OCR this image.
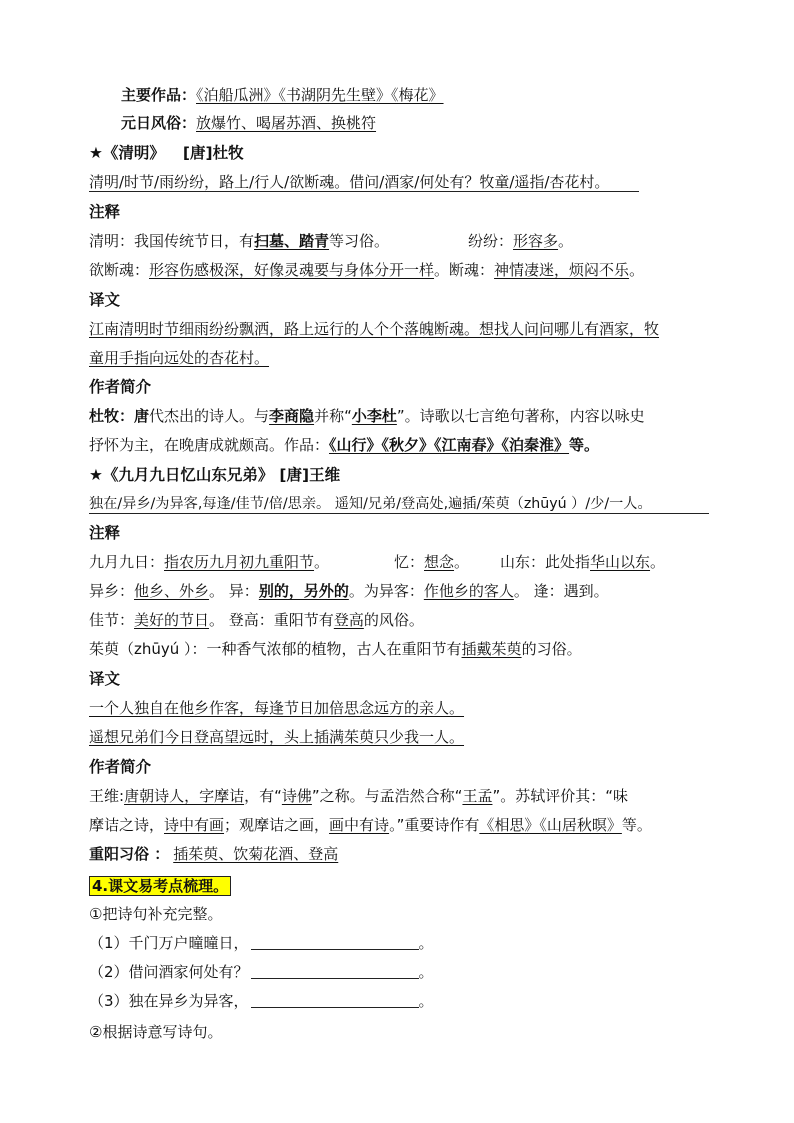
主要作品：《泊船瓜洲》《书湖阴先生壁》《梅花》
元日风俗：放爆竹、喝屠苏酒、换桃符
★《清明》 [唐]杜牧
清明/时节/雨纷纷，路上/行人/欲断魂。借问/酒家/何处有？牧童/遥指/杏花村。
注释
清明：我国传统节日，有扫墓、踏青等习俗。	纷纷：形容多。
欲断魂：形容伤感极深，好像灵魂要与身体分开一样。断魂：神情凄迷，烦闷不乐。
译文
江南清明时节细雨纷纷飘洒，路上远行的人个个落魄断魂。想找人问问哪儿有酒家，牧
童用手指向远处的杏花村。
作者简介
杜牧：唐代杰出的诗人。与李商隐并称“小李杜”。诗歌以七言绝句著称，内容以咏史
抒怀为主，在晚唐成就颇高。作品：《山行》《秋夕》《江南春》《泊秦淮》等。
★《九月九日忆山东兄弟》 [唐]王维
独在/异乡/为异客,每逢/佳节/倍/思亲。 遥知/兄弟/登高处,遍插/茱萸（zhūyú ）/少/一人。
注释
九月九日：指农历九月初九重阳节。	忆：想念。 山东：此处指华山以东。
异乡：他乡、外乡。 异：别的，另外的。为异客：作他乡的客人。 逢：遇到。
佳节：美好的节日。 登高：重阳节有登高的风俗。
茱萸（zhūyú ）：一种香气浓郁的植物，古人在重阳节有插戴茱萸的习俗。
译文
一个人独自在他乡作客，每逢节日加倍思念远方的亲人。
遥想兄弟们今日登高望远时，头上插满茱萸只少我一人。
作者简介
王维:唐朝诗人，字摩诘，有“诗佛”之称。与孟浩然合称“王孟”。苏轼评价其：“味
摩诘之诗，诗中有画；观摩诘之画，画中有诗。”重要诗作有《相思》《山居秋暝》等。
重阳习俗 ： 插茱萸、饮菊花酒、登高
4.课文易考点梳理。
①把诗句补充完整。
（1）千门万户曈曈日，	。
（2）借问酒家何处有？	。
（3）独在异乡为异客，	。
②根据诗意写诗句。
